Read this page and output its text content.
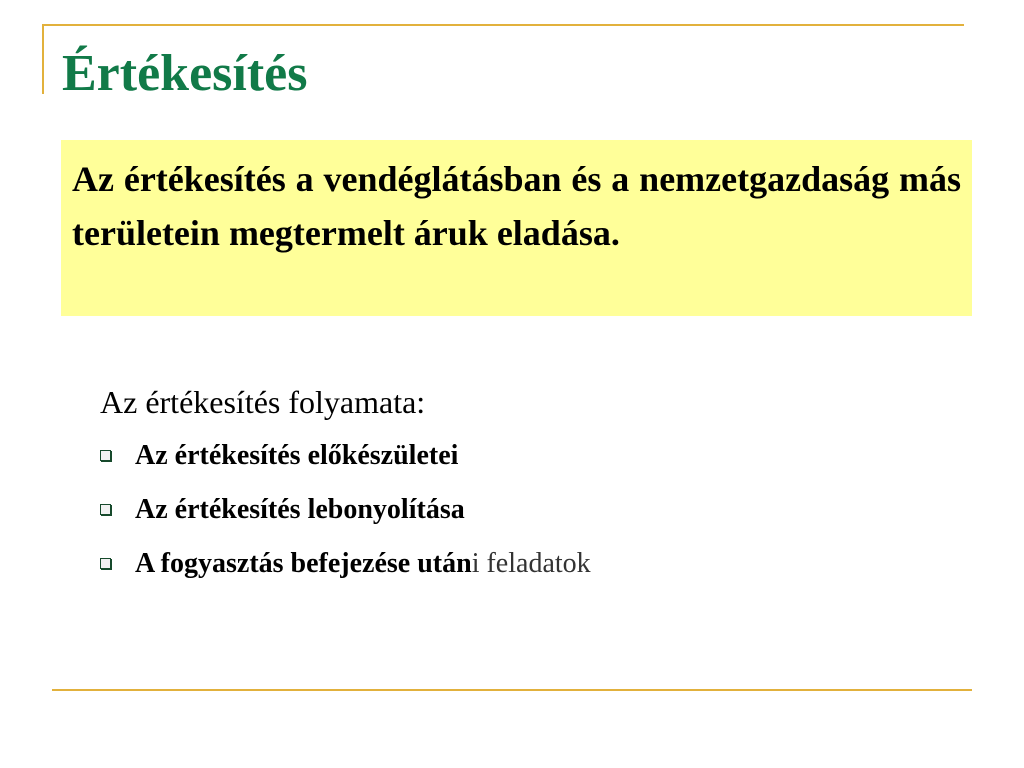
Értékesítés

Az értékesítés a vendéglátásban és a nemzetgazdaság más területein megtermelt áruk eladása.

Az értékesítés folyamata:
Az értékesítés előkészületei
Az értékesítés lebonyolítása
A fogyasztás befejezése utáni feladatok
